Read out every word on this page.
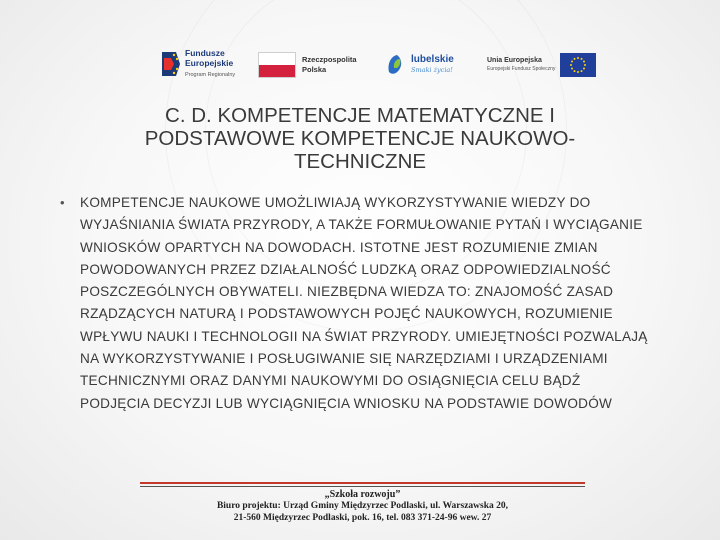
Fundusze
Europejskie
Program Regionalny
Rzeczpospolita
Polska
lubelskie
Smaki życia!
Unia Europejska
Europejski Fundusz Społeczny
C. D. KOMPETENCJE MATEMATYCZNE I
PODSTAWOWE KOMPETENCJE NAUKOWO-
TECHNICZNE
•	KOMPETENCJE NAUKOWE UMOŻLIWIAJĄ WYKORZYSTYWANIE WIEDZY DO WYJAŚNIANIA ŚWIATA PRZYRODY, A TAKŻE FORMUŁOWANIE PYTAŃ I WYCIĄGANIE WNIOSKÓW OPARTYCH NA DOWODACH. ISTOTNE JEST ROZUMIENIE ZMIAN POWODOWANYCH PRZEZ DZIAŁALNOŚĆ LUDZKĄ ORAZ ODPOWIEDZIALNOŚĆ POSZCZEGÓLNYCH OBYWATELI. NIEZBĘDNA WIEDZA TO: ZNAJOMOŚĆ ZASAD RZĄDZĄCYCH NATURĄ I PODSTAWOWYCH POJĘĆ NAUKOWYCH, ROZUMIENIE WPŁYWU NAUKI I TECHNOLOGII NA ŚWIAT PRZYRODY. UMIEJĘTNOŚCI POZWALAJĄ NA WYKORZYSTYWANIE I POSŁUGIWANIE SIĘ NARZĘDZIAMI I URZĄDZENIAMI TECHNICZNYMI ORAZ DANYMI NAUKOWYMI DO OSIĄGNIĘCIA CELU BĄDŹ PODJĘCIA DECYZJI LUB WYCIĄGNIĘCIA WNIOSKU NA PODSTAWIE DOWODÓW

„Szkoła rozwoju”
Biuro projektu: Urząd Gminy Międzyrzec Podlaski, ul. Warszawska 20,
21-560 Międzyrzec Podlaski, pok. 16, tel. 083 371-24-96 wew. 27
